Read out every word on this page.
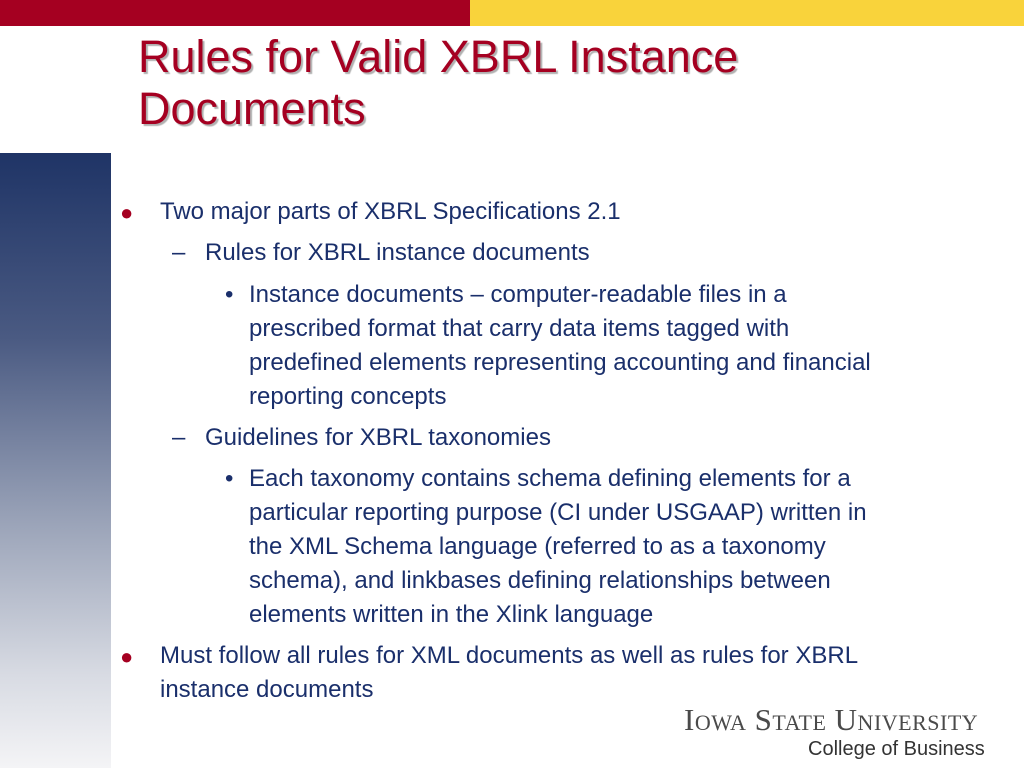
Rules for Valid XBRL Instance
Documents
● Two major parts of XBRL Specifications 2.1
– Rules for XBRL instance documents
• Instance documents – computer-readable files in a
prescribed format that carry data items tagged with
predefined elements representing accounting and financial
reporting concepts
– Guidelines for XBRL taxonomies
• Each taxonomy contains schema defining elements for a
particular reporting purpose (CI under USGAAP) written in
the XML Schema language (referred to as a taxonomy
schema), and linkbases defining relationships between
elements written in the Xlink language
● Must follow all rules for XML documents as well as rules for XBRL
instance documents
Iowa State University
College of Business
